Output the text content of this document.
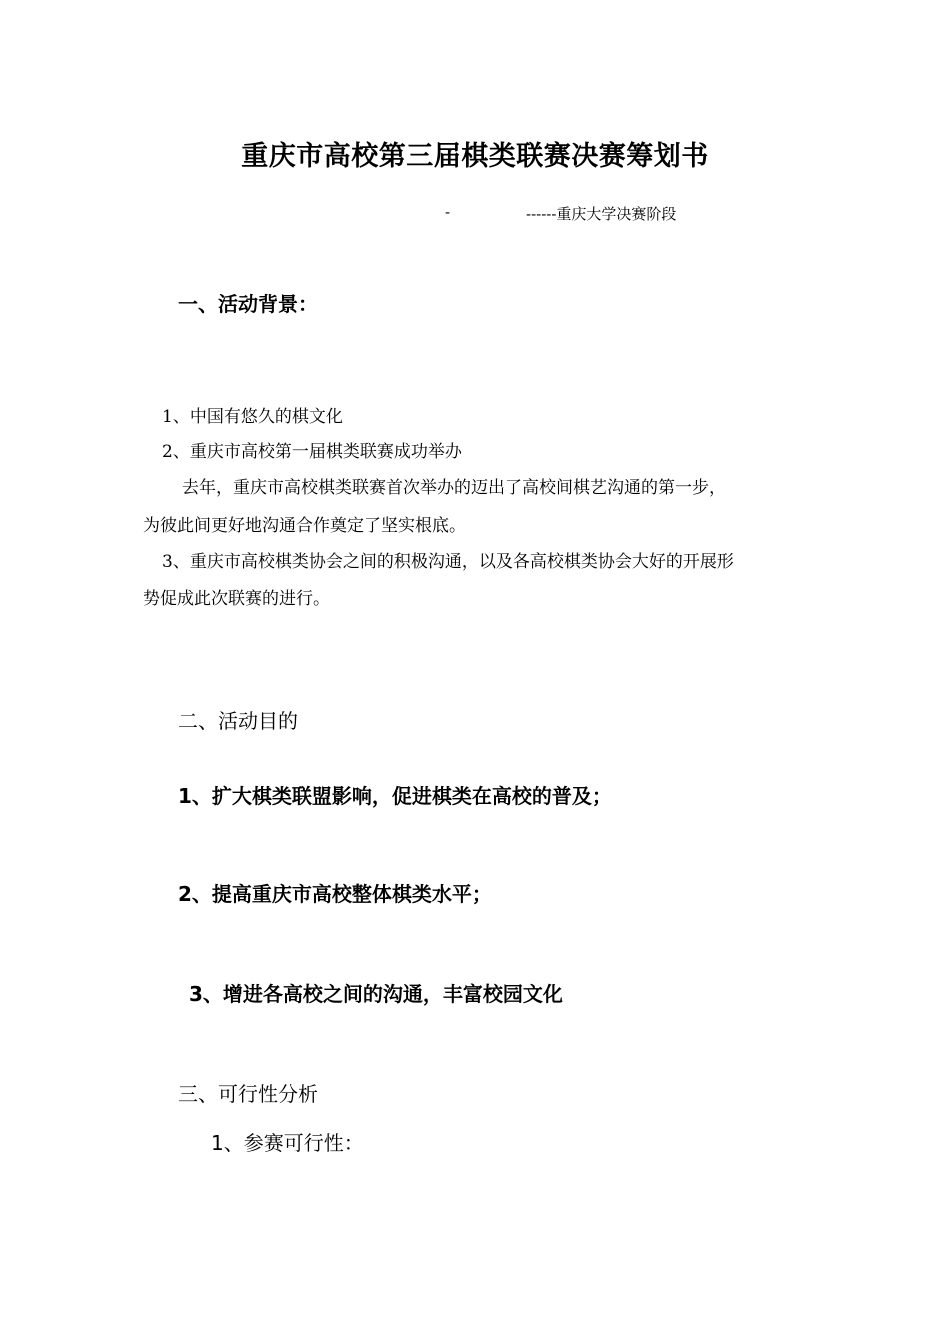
重庆市高校第三届棋类联赛决赛筹划书
-	------重庆大学决赛阶段
一、活动背景：
1、中国有悠久的棋文化
2、重庆市高校第一届棋类联赛成功举办
去年，重庆市高校棋类联赛首次举办的迈出了高校间棋艺沟通的第一步，
为彼此间更好地沟通合作奠定了坚实根底。
3、重庆市高校棋类协会之间的积极沟通，以及各高校棋类协会大好的开展形
势促成此次联赛的进行。
二、活动目的
1、扩大棋类联盟影响，促进棋类在高校的普及；
2、提高重庆市高校整体棋类水平；
3、增进各高校之间的沟通，丰富校园文化
三、可行性分析
1、参赛可行性：
